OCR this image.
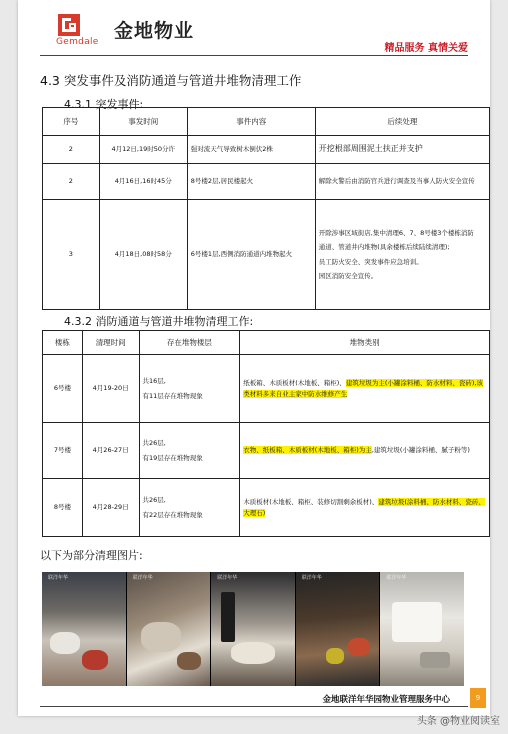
金地物业
Gemdale
精品服务 真情关爱
4.3 突发事件及消防通道与管道井堆物清理工作
4.3.1 突发事件:
序号	事发时间	事件内容	后续处理
2	4月12日,19时50分许	强对流天气导致树木倒伏2株	开挖根部周围泥土扶正并支护
2	4月16日,16时45分	8号楼2层,居民楼起火	解除火警后由消防官兵进行调查及当事人防火安全宣传
3	4月18日,08时58分	6号楼1层,西侧消防通道内堆物起火	开除涉事区域街店,集中清理6、7、8号楼3个楼栋消防

通道、管道井内堆物(具余楼栋后续陆续清理);

员工防火安全、突发事件应急培训。

园区消防安全宣传。

4.3.2 消防通道与管道井堆物清理工作:
楼栋	清理时间	存在堆物楼层	堆物类别
6号楼	4月19-20日	共16层,

有11层存在堆物现象	纸板箱、木质板材(木地板、箱柜)、建筑垃圾为主(小罐涂料桶、防水材料、瓷砖),该类材料多来自业主家中防水维修产生
7号楼	4月26-27日	共26层,

有19层存在堆物现象	衣物、纸板箱、木质板材(木地板、箱柜)为主,建筑垃圾(小罐涂料桶、腻子粉等)
8号楼	4月28-29日	共26层,

有22层存在堆物现象	木质板材(木地板、箱柜、装修切割剩余板材)、建筑垃圾(涂料桶、防水材料、瓷砖、大理石)
以下为部分清理图片:
联洋年华	联洋年华	联洋年华	联洋年华	联洋年华
金地联洋年华园物业管理服务中心	9
头条 @物业阅读室
